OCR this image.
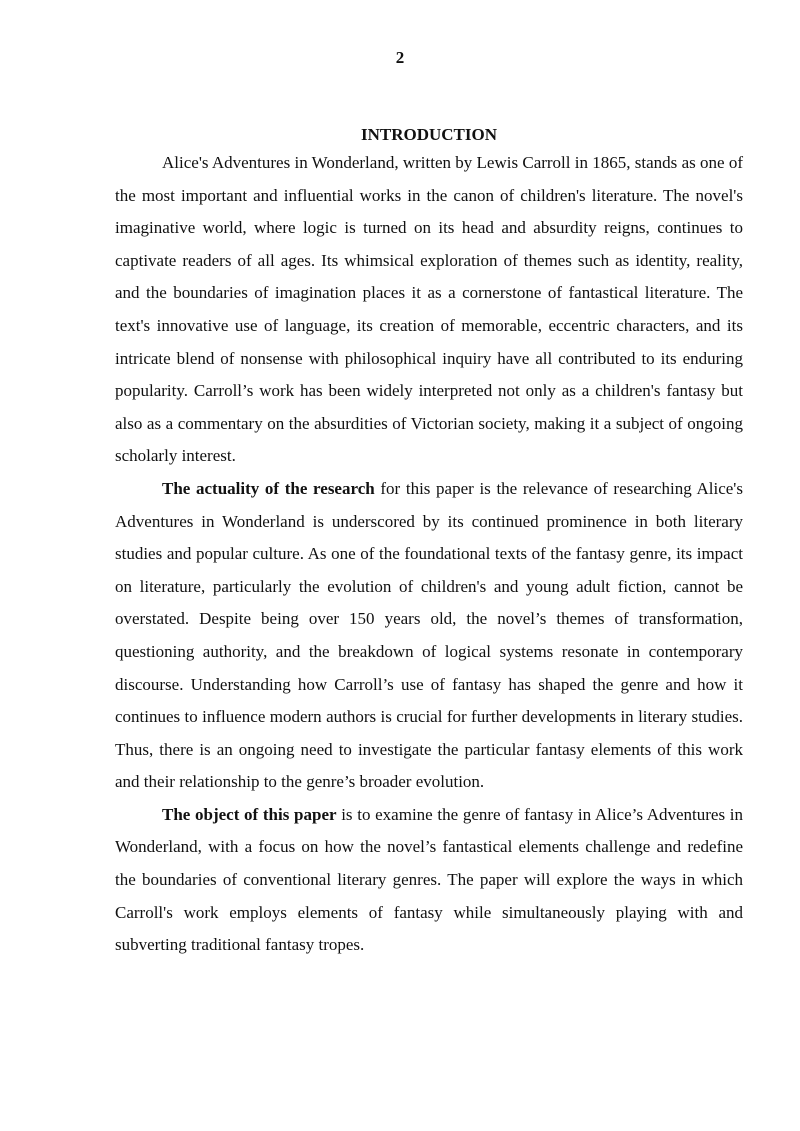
2

INTRODUCTION

Alice's Adventures in Wonderland, written by Lewis Carroll in 1865, stands as one of the most important and influential works in the canon of children's literature. The novel's imaginative world, where logic is turned on its head and absurdity reigns, continues to captivate readers of all ages. Its whimsical exploration of themes such as identity, reality, and the boundaries of imagination places it as a cornerstone of fantastical literature. The text's innovative use of language, its creation of memorable, eccentric characters, and its intricate blend of nonsense with philosophical inquiry have all contributed to its enduring popularity. Carroll’s work has been widely interpreted not only as a children's fantasy but also as a commentary on the absurdities of Victorian society, making it a subject of ongoing scholarly interest.

The actuality of the research for this paper is the relevance of researching Alice's Adventures in Wonderland is underscored by its continued prominence in both literary studies and popular culture. As one of the foundational texts of the fantasy genre, its impact on literature, particularly the evolution of children's and young adult fiction, cannot be overstated. Despite being over 150 years old, the novel’s themes of transformation, questioning authority, and the breakdown of logical systems resonate in contemporary discourse. Understanding how Carroll’s use of fantasy has shaped the genre and how it continues to influence modern authors is crucial for further developments in literary studies. Thus, there is an ongoing need to investigate the particular fantasy elements of this work and their relationship to the genre’s broader evolution.

The object of this paper is to examine the genre of fantasy in Alice’s Adventures in Wonderland, with a focus on how the novel’s fantastical elements challenge and redefine the boundaries of conventional literary genres. The paper will explore the ways in which Carroll's work employs elements of fantasy while simultaneously playing with and subverting traditional fantasy tropes.
